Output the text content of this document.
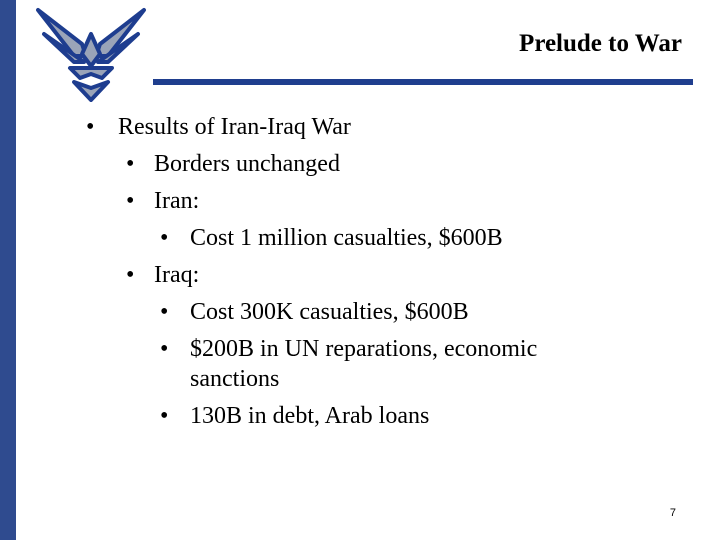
Prelude to War
• Results of Iran-Iraq War
• Borders unchanged
• Iran:
• Cost 1 million casualties, $600B
• Iraq:
• Cost 300K casualties, $600B
• $200B in UN reparations, economic
sanctions
• 130B in debt, Arab loans
7
